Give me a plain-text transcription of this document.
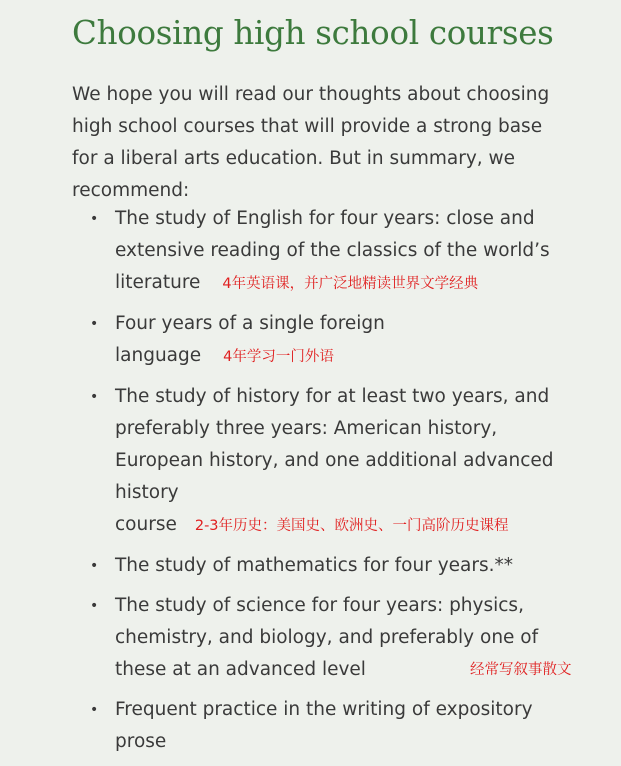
Choosing high school courses

We hope you will read our thoughts about choosing high school courses that will provide a strong base for a liberal arts education. But in summary, we recommend:

• The study of English for four years: close and extensive reading of the classics of the world’s literature 4年英语课，并广泛地精读世界文学经典
• Four years of a single foreign language 4年学习一门外语
• The study of history for at least two years, and preferably three years: American history, European history, and one additional advanced history course 2-3年历史：美国史、欧洲史、一门高阶历史课程
• The study of mathematics for four years.**
• The study of science for four years: physics, chemistry, and biology, and preferably one of these at an advanced level
• Frequent practice in the writing of expository prose
经常写叙事散文
